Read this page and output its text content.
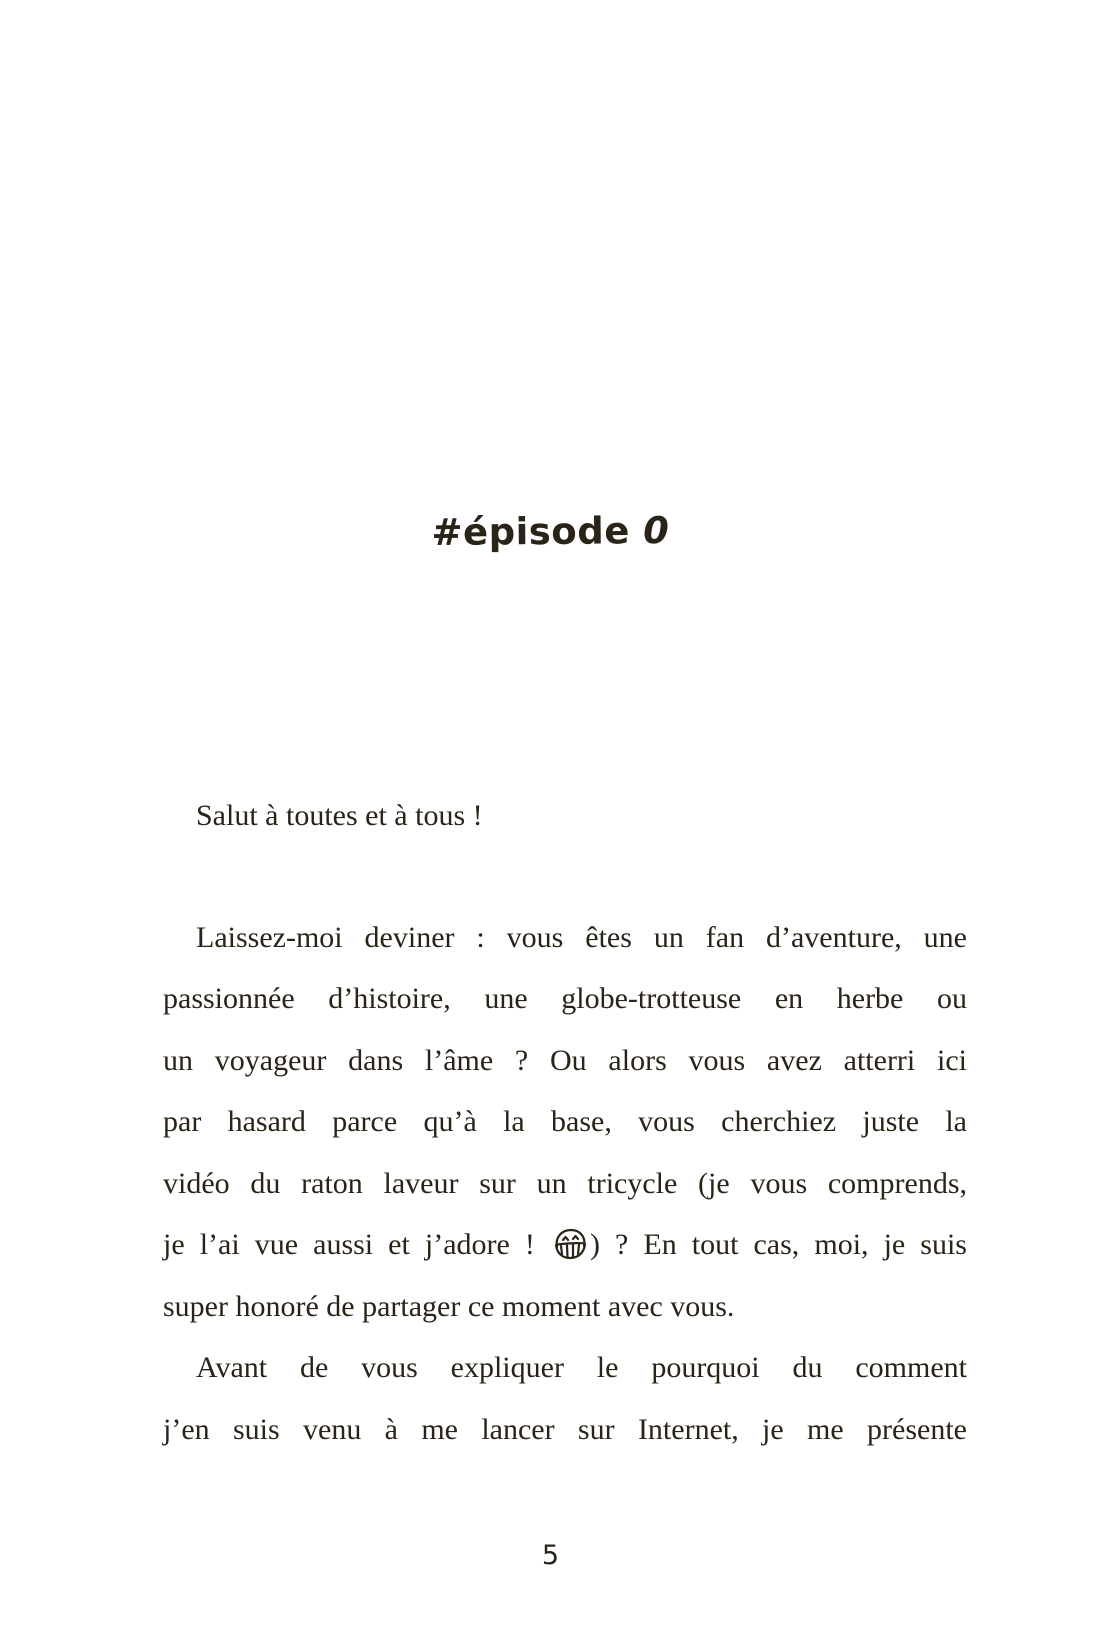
#épisode 0
Salut à toutes et à tous !
Laissez-moi deviner : vous êtes un fan d’aventure, une
passionnée d’histoire, une globe-trotteuse en herbe ou
un voyageur dans l’âme ? Ou alors vous avez atterri ici
par hasard parce qu’à la base, vous cherchiez juste la
vidéo du raton laveur sur un tricycle (je vous comprends,
je l’ai vue aussi et j’adore ! ) ? En tout cas, moi, je suis
super honoré de partager ce moment avec vous.
Avant de vous expliquer le pourquoi du comment
j’en suis venu à me lancer sur Internet, je me présente
5
